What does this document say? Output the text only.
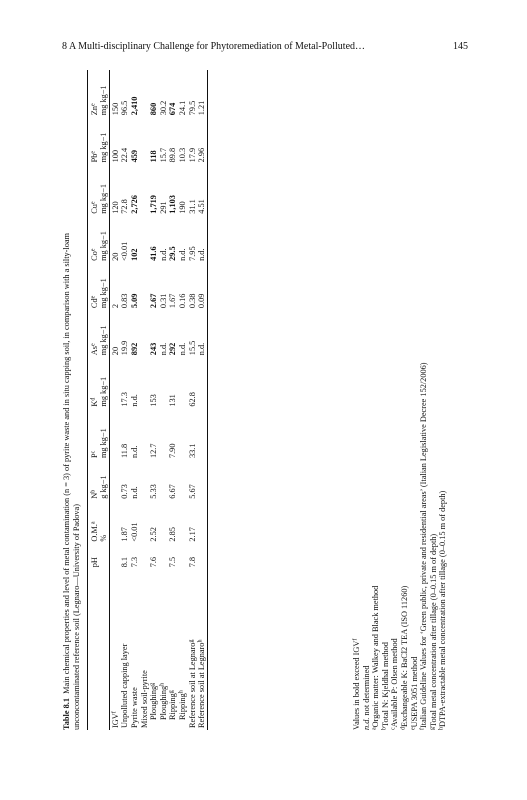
8 A Multi-disciplinary Challenge for Phytoremediation of Metal-Polluted…	145
Table 8.1  Main chemical properties and level of metal contamination (n = 3) of pyrite waste and in situ capping soil, in comparison with a silty-loam unconcontaminated reference soil (Legnaro—University of Padova)
	pH	O.M.$^a$	$N^b$	$P^c$	$K^d$	As$^e$	Cd$^e$	Co$^e$	Cu$^e$	Pb$^e$	Zn$^e$
		%	g kg−1	mg kg−1	mg kg−1	mg kg−1	mg kg−1	mg kg−1	mg kg−1	mg kg−1	mg kg−1
IGV$^f$						20	2	20	120	100	150
Unpolluted capping layer	8.1	1.87	0.73	11.8	17.3	19.9	0.83	<0.01	72.8	22.4	96.5
Pyrite waste	7.3	<0.01	n.d.	n.d.	n.d.	892	5.09	102	2,726	459	2,410
Mixed soil-pyrite											
Ploughing$^g$	7.6	2.52	5.33	12.7	153	243	2.67	41.6	1,719	118	860
Ploughing$^h$						n.d.	0.31	n.d.	291	15.7	30.2
Ripping$^g$	7.5	2.85	6.67	7.90	131	292	1.67	29.5	1,103	89.8	674
Ripping$^h$						n.d.	0.16	n.d.	190	10.3	24.1
Reference soil at Legnaro$^g$	7.8	2.17	5.67	33.1	62.8	15.5	0.38	7.95	31.1	17.9	79.5
Reference soil at Legnaro$^h$						n.d.	0.09	n.d.	4.51	2.96	1.21
Values in bold exceed IGV$^f$
n.d. not determined
$^a$Organic matter: Walkey and Black method
$^b$Total N: Kjeldhal method
$^c$Available P: Olsen method
$^d$Exchangeable K: BaCl2 TEA (ISO 11260)
$^e$USEPA 3051 method
$^f$Italian Guideline Values for ‘Green public, private and residential areas’ (Italian Legislative Decree 152/2006)
$^g$Total metal concentration after tillage (0–0.15 m of depth)
$^h$DTPA-extractable metal concentration after tillage (0–0.15 m of depth)
